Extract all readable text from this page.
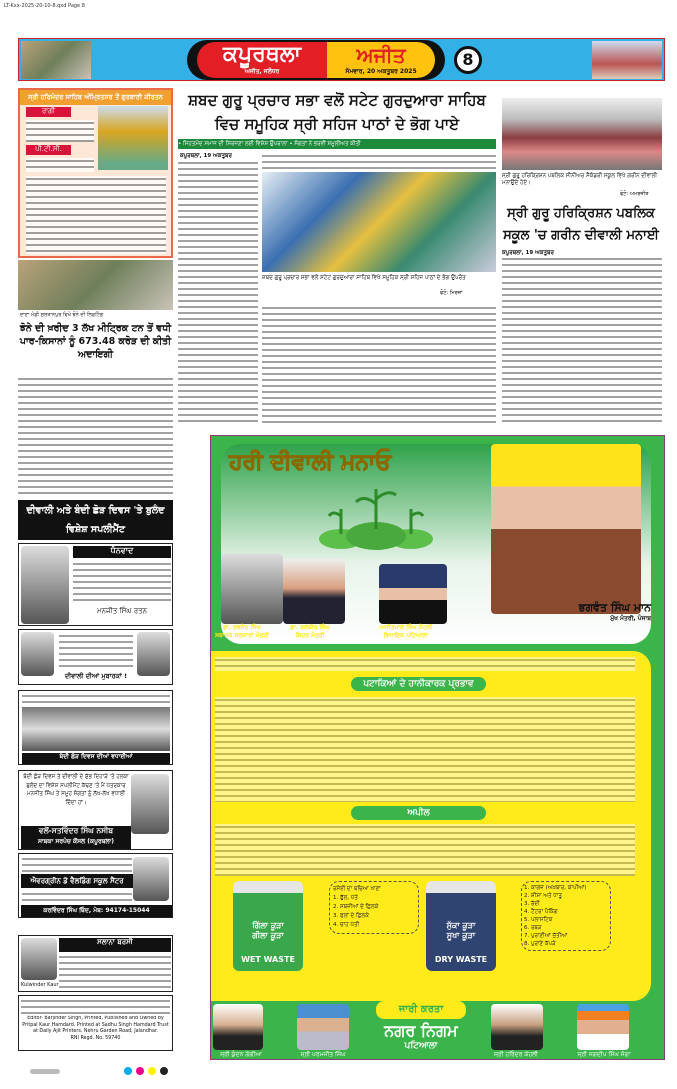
LT-Kxx-2025-20-10-8.qxd Page 8
ਕਪੂਰਥਲਾ
ਅਜੀਤ, ਜਲੰਧਰ
ਅਜੀਤ
ਸੋਮਵਾਰ, 20 ਅਕਤੂਬਰ 2025
8
ਸ੍ਰੀ ਹਰਿਮੰਦਰ ਸਾਹਿਬ ਅੰਮ੍ਰਿਤਸਰ ਤੋਂ ਗੁਰਬਾਣੀ ਕੀਰਤਨ
ਰਾਗੀ
ਪੀ.ਟੀ.ਸੀ.
ਦਾਣਾ ਮੰਡੀ ਸੁਲਤਾਨਪੁਰ ਵਿਖੇ ਝੋਨੇ ਦੀ ਲਿਫ਼ਟਿੰਗ
ਝੋਨੇ ਦੀ ਖ਼ਰੀਦ 3 ਲੱਖ ਮੀਟ੍ਰਿਕ ਟਨ ਤੋਂ ਵਧੀ ਪਾਰ-ਕਿਸਾਨਾਂ ਨੂੰ 673.48 ਕਰੋੜ ਦੀ ਕੀਤੀ ਅਦਾਇਗੀ
ਦੀਵਾਲੀ ਅਤੇ ਬੰਦੀ ਛੋੜ ਦਿਵਸ 'ਤੇ ਬੁਲੰਦ ਵਿਸ਼ੇਸ਼ ਸਪਲੀਮੈਂਟ
ਧੰਨਵਾਦ
ਮਨਜੀਤ ਸਿੰਘ ਰਤਨ
ਦੀਵਾਲੀ ਦੀਆਂ ਮੁਬਾਰਕਾਂ !
ਬੰਦੀ ਛੋੜ ਦਿਵਸ ਦੀਆਂ ਵਧਾਈਆਂ
ਬੰਦੀ ਛੋੜ ਦਿਵਸ ਤੇ ਦੀਵਾਲੀ ਦੇ ਸ਼ੁੱਭ ਦਿਹਾੜੇ 'ਤੇ ਹਲਕਾ ਬੁਲੰਦ ਦਾ ਵਿਸ਼ੇਸ਼ ਸਪਲੀਮੈਂਟ ਕੱਢਣ 'ਤੇ ਮੈਂ ਪੱਤਰਕਾਰ ਮਨਜੀਤ ਸਿੰਘ ਤੇ ਸਮੂਹ ਸੰਗਤਾਂ ਨੂੰ ਲੱਖ-ਲੱਖ ਵਧਾਈ ਦਿੰਦਾ ਹਾਂ।
ਵਲੋਂ-ਸਤਵਿੰਦਰ ਸਿੰਘ ਨਸੀਬ
ਸਾਬਕਾ ਸਰਪੰਚ ਕੌਂਸਲ (ਕਪੂਰਥਲਾ)
ਐਵਰਗ੍ਰੀਨ ਡੋ ਵੈਲਡਿੰਗ ਸਕੂਲ ਸੈਂਟਰ
ਕਰਵਿੰਦਰ ਸਿੰਘ ਥਿੰਦ, ਮੋਬ: 94174-15044
Kulwinder Kaur
ਸਲਾਨਾ ਬਰਸੀ
Editor- Barjinder Singh, Printed, Published and Owned by Pritpal Kaur Hamdard. Printed at Sadhu Singh Hamdard Trust at Daily Ajit Printers, Nehru Garden Road, Jalandhar.
RNI Regd. No. 59740
ਸ਼ਬਦ ਗੁਰੂ ਪ੍ਰਚਾਰ ਸਭਾ ਵਲੋਂ ਸਟੇਟ ਗੁਰਦੁਆਰਾ ਸਾਹਿਬ ਵਿਚ ਸਮੂਹਿਕ ਸ੍ਰੀ ਸਹਿਜ ਪਾਠਾਂ ਦੇ ਭੋਗ ਪਾਏ
• ਸਿਹਤਮੰਦ ਸਮਾਜ ਦੀ ਸਿਰਜਣਾ ਲਈ ਵਿਸ਼ੇਸ਼ ਉਪਰਾਲਾ • ਸੰਗਤਾਂ ਨੇ ਭਰਵੀਂ ਸ਼ਮੂਲੀਅਤ ਕੀਤੀ
ਕਪੂਰਥਲਾ, 19 ਅਕਤੂਬਰ
ਸ਼ਬਦ ਗੁਰੂ ਪ੍ਰਚਾਰ ਸਭਾ ਵਲੋਂ ਸਟੇਟ ਗੁਰਦੁਆਰਾ ਸਾਹਿਬ ਵਿਖੇ ਸਮੂਹਿਕ ਸ੍ਰੀ ਸਹਿਜ ਪਾਠਾਂ ਦੇ ਭੋਗ ਉਪਰੰਤ
ਫੋਟੋ: ਮਿਰਜ਼ਾ
ਸ੍ਰੀ ਗੁਰੂ ਹਰਿਕ੍ਰਿਸ਼ਨ ਪਬਲਿਕ ਸੀਨੀਅਰ ਸੈਕੰਡਰੀ ਸਕੂਲ ਵਿਖੇ ਗਰੀਨ ਦੀਵਾਲੀ ਮਨਾਉਂਦੇ ਹੋਏ।
ਫੋਟੋ: ਅਮਰਜੀਤ
ਸ੍ਰੀ ਗੁਰੂ ਹਰਿਕ੍ਰਿਸ਼ਨ ਪਬਲਿਕ ਸਕੂਲ 'ਚ ਗਰੀਨ ਦੀਵਾਲੀ ਮਨਾਈ
ਕਪੂਰਥਲਾ, 19 ਅਕਤੂਬਰ
ਹਰੀ ਦੀਵਾਲੀ ਮਨਾਓ
ਭਗਵੰਤ ਸਿੰਘ ਮਾਨ
ਮੁੱਖ ਮੰਤਰੀ, ਪੰਜਾਬ
ਡਾ. ਰਵਜੋਤ ਸਿੰਘ
ਸਥਾਨਕ ਸਰਕਾਰਾਂ ਮੰਤਰੀ
ਡਾ. ਬਲਬੀਰ ਸਿੰਘ
ਸਿਹਤ ਮੰਤਰੀ
ਅਜੀਤਪਾਲ ਸਿੰਘ ਕੋਹਲੀ
ਵਿਧਾਇਕ ਪਟਿਆਲਾ
ਪਟਾਕਿਆਂ ਦੇ ਹਾਨੀਕਾਰਕ ਪ੍ਰਭਾਵ
ਅਪੀਲ
ਗਿੱਲਾ ਕੂੜਾ
ਗੀਲਾ ਕੂੜਾ
WET WASTE
ਰਸੋਈ ਦਾ ਬਚਿਆ ਖਾਣਾ
1. ਫੁੱਲ, ਪੱਤੇ
2. ਸਬਜ਼ੀਆਂ ਦੇ ਛਿਲਕੇ
3. ਫਲਾਂ ਦੇ ਛਿਲਕੇ
4. ਚਾਹ ਪੱਤੀ	ਸੁੱਕਾ ਕੂੜਾ
ਸੂਖਾ ਕੂੜਾ
DRY WASTE
1. ਕਾਗਜ਼ (ਅਖ਼ਬਾਰ, ਕਾਪੀਆਂ)
2. ਸ਼ੀਸ਼ਾ ਅਤੇ ਧਾਤੂ
3. ਰੱਦੀ
4. ਟੈਟਰਾ ਪੈਕਿੰਗ
5. ਪਲਾਸਟਿਕ
6. ਰਬੜ
7. ਪੁਰਾਣੀਆਂ ਜੁੱਤੀਆਂ
8. ਪੁਰਾਣੇ ਕੱਪੜੇ
ਜਾਰੀ ਕਰਤਾ
ਨਗਰ ਨਿਗਮ
ਪਟਿਆਲਾ
ਸ੍ਰੀ ਕੁੰਦਨ ਗੋਗੀਆ	ਸ੍ਰੀ ਪਰਮਜੀਤ ਸਿੰਘ	ਸ੍ਰੀ ਹਰਿੰਦਰ ਕੋਹਲੀ	ਸ੍ਰੀ ਜਗਦੀਪ ਸਿੰਘ ਜੱਗਾ
